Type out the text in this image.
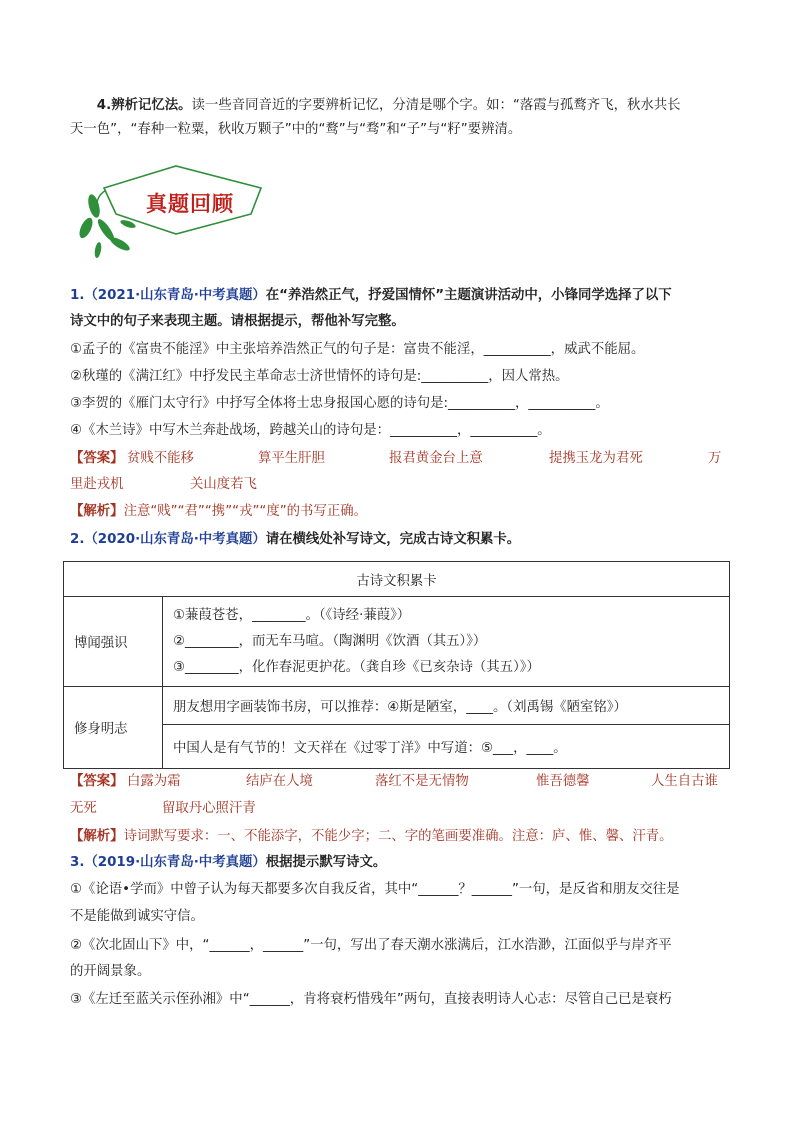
4.辨析记忆法。读一些音同音近的字要辨析记忆，分清是哪个字。如：“落霞与孤鹜齐飞，秋水共长
天一色”，“春种一粒粟，秋收万颗子”中的“鹜”与“骛”和“子”与“籽”要辨清。
真题回顾
1.（2021·山东青岛·中考真题）在“养浩然正气，抒爱国情怀”主题演讲活动中，小锋同学选择了以下
诗文中的句子来表现主题。请根据提示，帮他补写完整。
①孟子的《富贵不能淫》中主张培养浩然正气的句子是：富贵不能淫，__________，威武不能屈。
②秋瑾的《满江红》中抒发民主革命志士济世情怀的诗句是:__________，因人常热。
③李贺的《雁门太守行》中抒写全体将士忠身报国心愿的诗句是:__________，__________。
④《木兰诗》中写木兰奔赴战场，跨越关山的诗句是：__________，__________。
【答案】 贫贱不能移	算平生肝胆	报君黄金台上意	提携玉龙为君死	万
里赴戎机	关山度若飞
【解析】注意“贱”“君”“携”“戎”“度”的书写正确。
2.（2020·山东青岛·中考真题）请在横线处补写诗文，完成古诗文积累卡。
古诗文积累卡	
博闻强识	①蒹葭苍苍，________。（《诗经·蒹葭》）
②________，而无车马喧。（陶渊明《饮酒（其五）》）
③________，化作春泥更护花。（龚自珍《已亥杂诗（其五）》）

修身明志	朋友想用字画装饰书房，可以推荐：④斯是陋室，____。（刘禹锡《陋室铭》）
	中国人是有气节的！文天祥在《过零丁洋》中写道：⑤___，____。
【答案】 白露为霜	结庐在人境	落红不是无情物	惟吾德馨	人生自古谁
无死	留取丹心照汗青
【解析】诗词默写要求：一、不能添字，不能少字；二、字的笔画要准确。注意：庐、惟、馨、汗青。
3.（2019·山东青岛·中考真题）根据提示默写诗文。
①《论语•学而》中曾子认为每天都要多次自我反省，其中“______？______”一句，是反省和朋友交往是
不是能做到诚实守信。
②《次北固山下》中，“______，______”一句，写出了春天潮水涨满后，江水浩渺，江面似乎与岸齐平
的开阔景象。
③《左迁至蓝关示侄孙湘》中“______，肯将衰朽惜残年”两句，直接表明诗人心志：尽管自己已是衰朽
